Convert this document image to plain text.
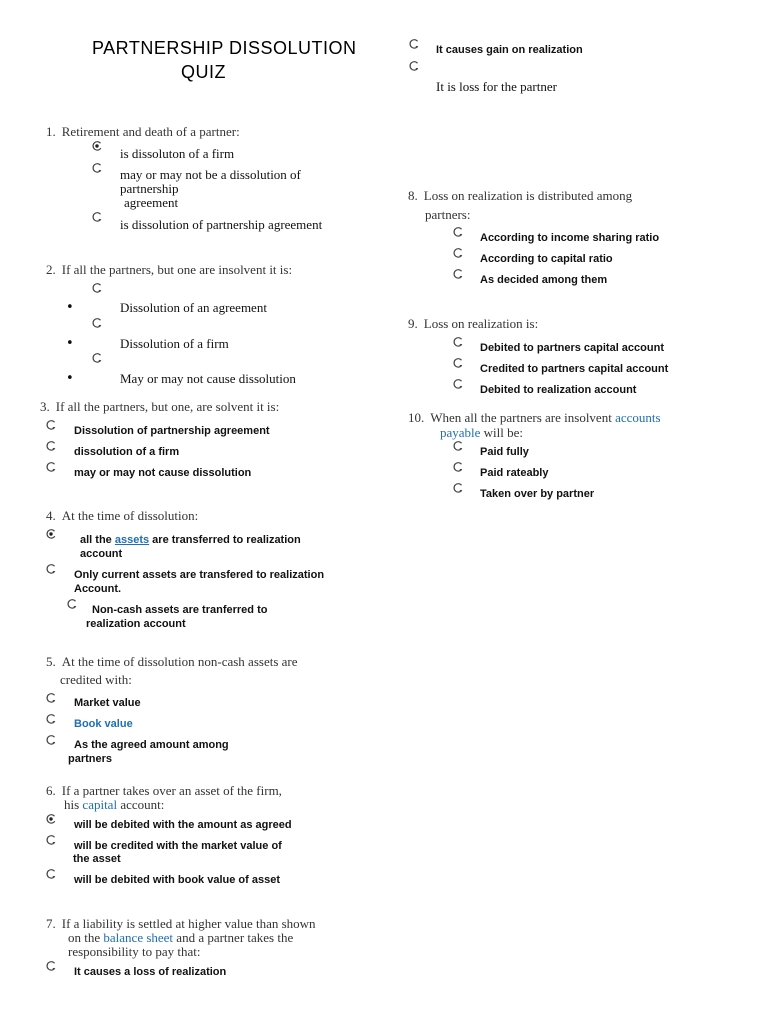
PARTNERSHIP DISSOLUTION
QUIZ
1. Retirement and death of a partner:
is dissoluton of a firm
may or may not be a dissolution of
partnership
agreement
is dissolution of partnership agreement
2. If all the partners, but one are insolvent it is:
•	Dissolution of an agreement
•	Dissolution of a firm
•	May or may not cause dissolution
3. If all the partners, but one, are solvent it is:
Dissolution of partnership agreement
dissolution of a firm
may or may not cause dissolution
4. At the time of dissolution:
all the assets are transferred to realization
account
Only current assets are transfered to realization
Account.
Non-cash assets are tranferred to
realization account
5. At the time of dissolution non-cash assets are
credited with:
Market value
Book value
As the agreed amount among
partners
6. If a partner takes over an asset of the firm,
his capital account:
will be debited with the amount as agreed
will be credited with the market value of
the asset
will be debited with book value of asset
7. If a liability is settled at higher value than shown
on the balance sheet and a partner takes the
responsibility to pay that:
It causes a loss of realization
It causes gain on realization
It is loss for the partner
8. Loss on realization is distributed among
partners:
According to income sharing ratio
According to capital ratio
As decided among them
9. Loss on realization is:
Debited to partners capital account
Credited to partners capital account
Debited to realization account
10. When all the partners are insolvent accounts
payable will be:
Paid fully
Paid rateably
Taken over by partner
